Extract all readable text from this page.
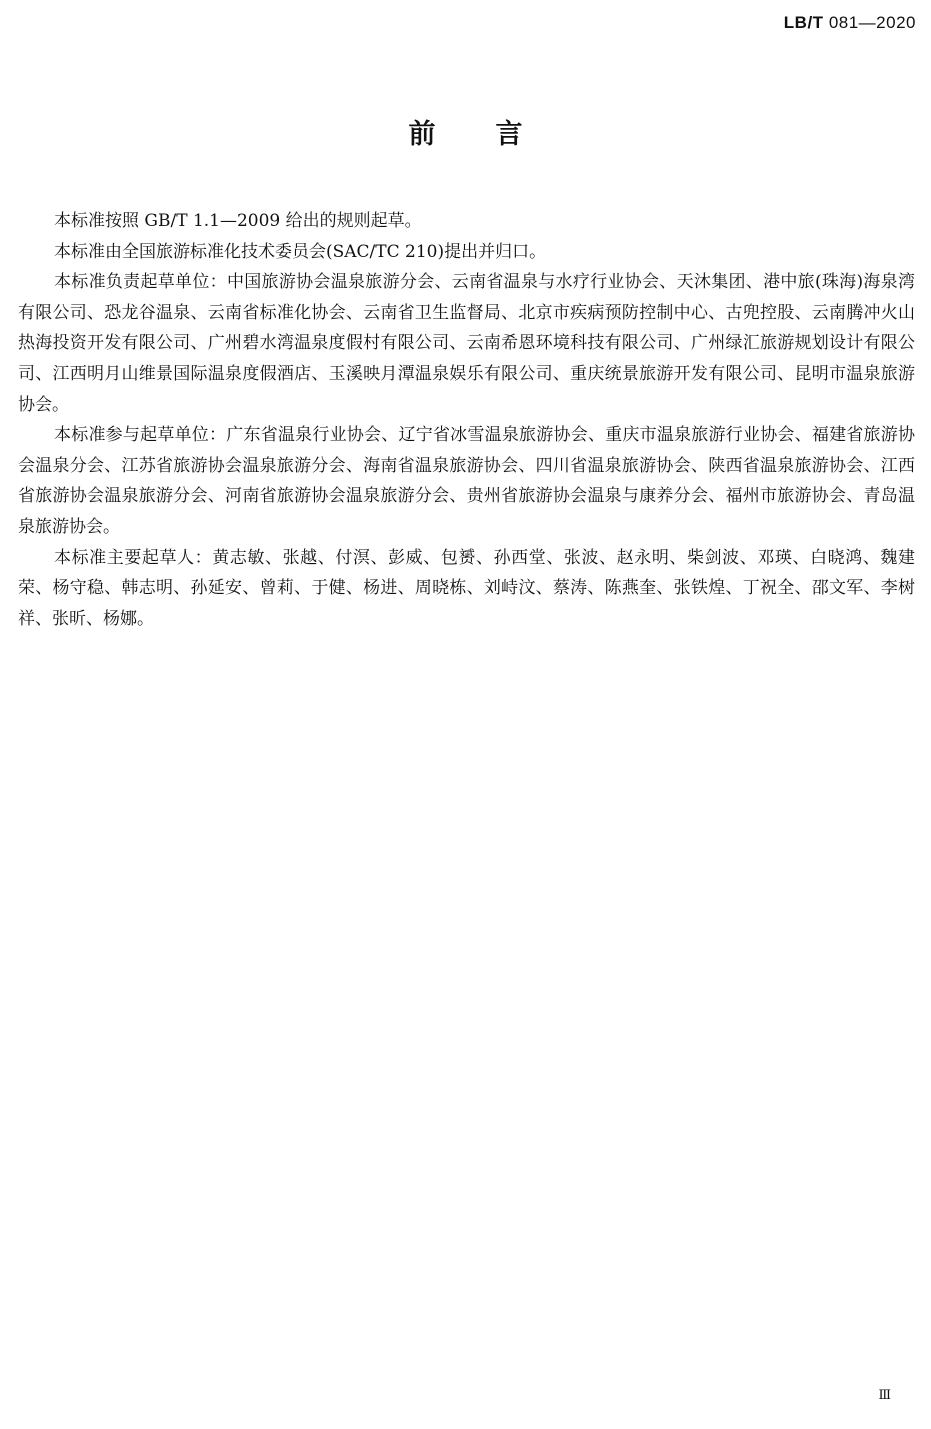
LB/T 081—2020
前言

本标准按照 GB/T 1.1—2009 给出的规则起草。

本标准由全国旅游标准化技术委员会(SAC/TC 210)提出并归口。

本标准负责起草单位：中国旅游协会温泉旅游分会、云南省温泉与水疗行业协会、天沐集团、港中旅(珠海)海泉湾有限公司、恐龙谷温泉、云南省标准化协会、云南省卫生监督局、北京市疾病预防控制中心、古兜控股、云南腾冲火山热海投资开发有限公司、广州碧水湾温泉度假村有限公司、云南希恩环境科技有限公司、广州绿汇旅游规划设计有限公司、江西明月山维景国际温泉度假酒店、玉溪映月潭温泉娱乐有限公司、重庆统景旅游开发有限公司、昆明市温泉旅游协会。

本标准参与起草单位：广东省温泉行业协会、辽宁省冰雪温泉旅游协会、重庆市温泉旅游行业协会、福建省旅游协会温泉分会、江苏省旅游协会温泉旅游分会、海南省温泉旅游协会、四川省温泉旅游协会、陕西省温泉旅游协会、江西省旅游协会温泉旅游分会、河南省旅游协会温泉旅游分会、贵州省旅游协会温泉与康养分会、福州市旅游协会、青岛温泉旅游协会。

本标准主要起草人：黄志敏、张越、付溟、彭威、包赟、孙西堂、张波、赵永明、柴剑波、邓瑛、白晓鸿、魏建荣、杨守稳、韩志明、孙延安、曾莉、于健、杨进、周晓栋、刘峙汶、蔡涛、陈燕奎、张铁煌、丁祝全、邵文军、李树祥、张昕、杨娜。

Ⅲ
